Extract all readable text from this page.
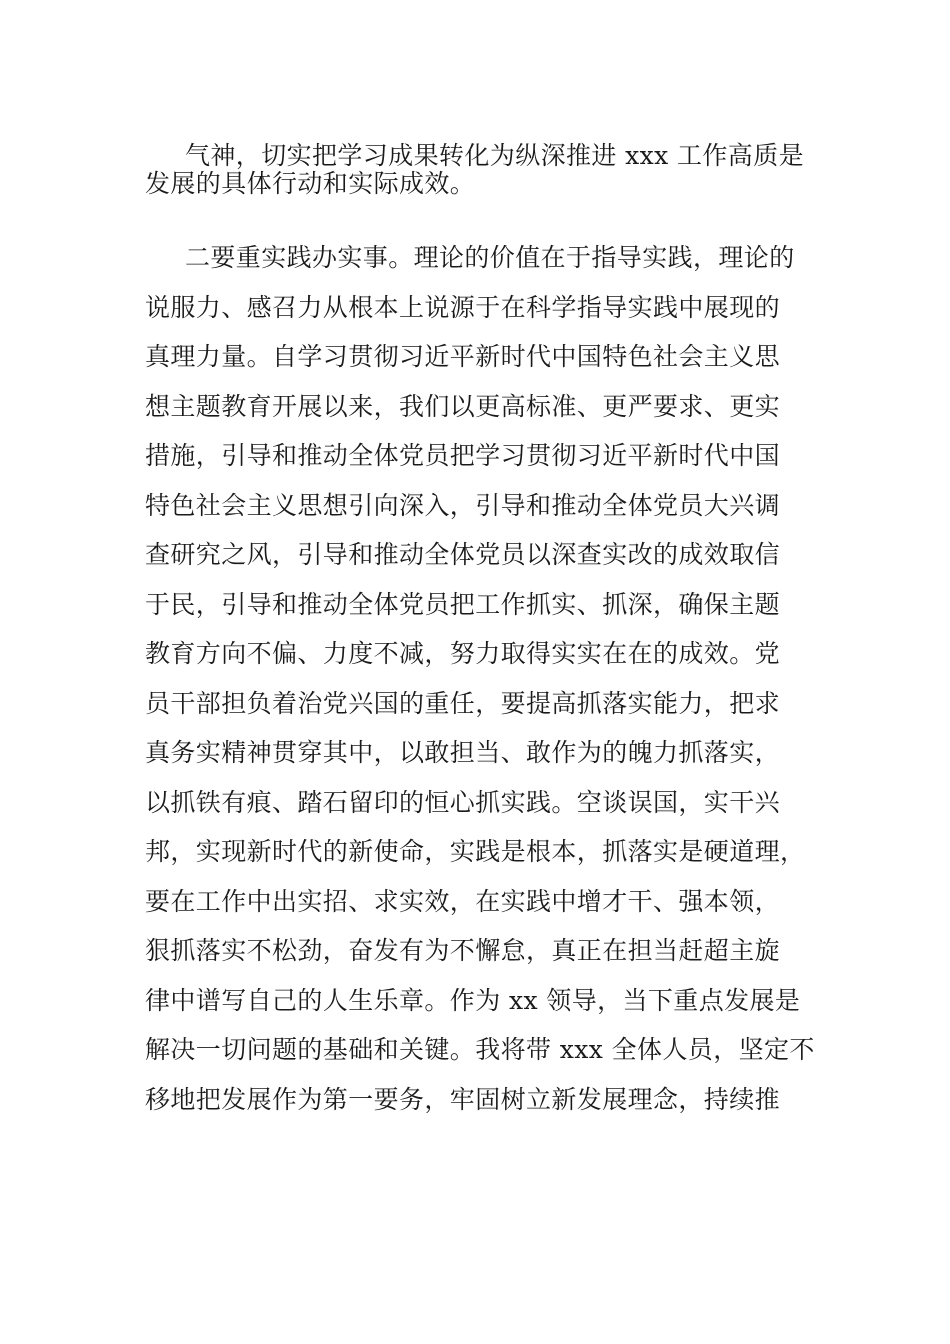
气神，切实把学习成果转化为纵深推进 xxx 工作高质是
发展的具体行动和实际成效。
二要重实践办实事。理论的价值在于指导实践，理论的
说服力、感召力从根本上说源于在科学指导实践中展现的
真理力量。自学习贯彻习近平新时代中国特色社会主义思
想主题教育开展以来，我们以更高标准、更严要求、更实
措施，引导和推动全体党员把学习贯彻习近平新时代中国
特色社会主义思想引向深入，引导和推动全体党员大兴调
查研究之风，引导和推动全体党员以深查实改的成效取信
于民，引导和推动全体党员把工作抓实、抓深，确保主题
教育方向不偏、力度不减，努力取得实实在在的成效。党
员干部担负着治党兴国的重任，要提高抓落实能力，把求
真务实精神贯穿其中，以敢担当、敢作为的魄力抓落实，
以抓铁有痕、踏石留印的恒心抓实践。空谈误国，实干兴
邦，实现新时代的新使命，实践是根本，抓落实是硬道理，
要在工作中出实招、求实效，在实践中增才干、强本领，
狠抓落实不松劲，奋发有为不懈怠，真正在担当赶超主旋
律中谱写自己的人生乐章。作为 xx 领导，当下重点发展是
解决一切问题的基础和关键。我将带 xxx 全体人员，坚定不
移地把发展作为第一要务，牢固树立新发展理念，持续推
